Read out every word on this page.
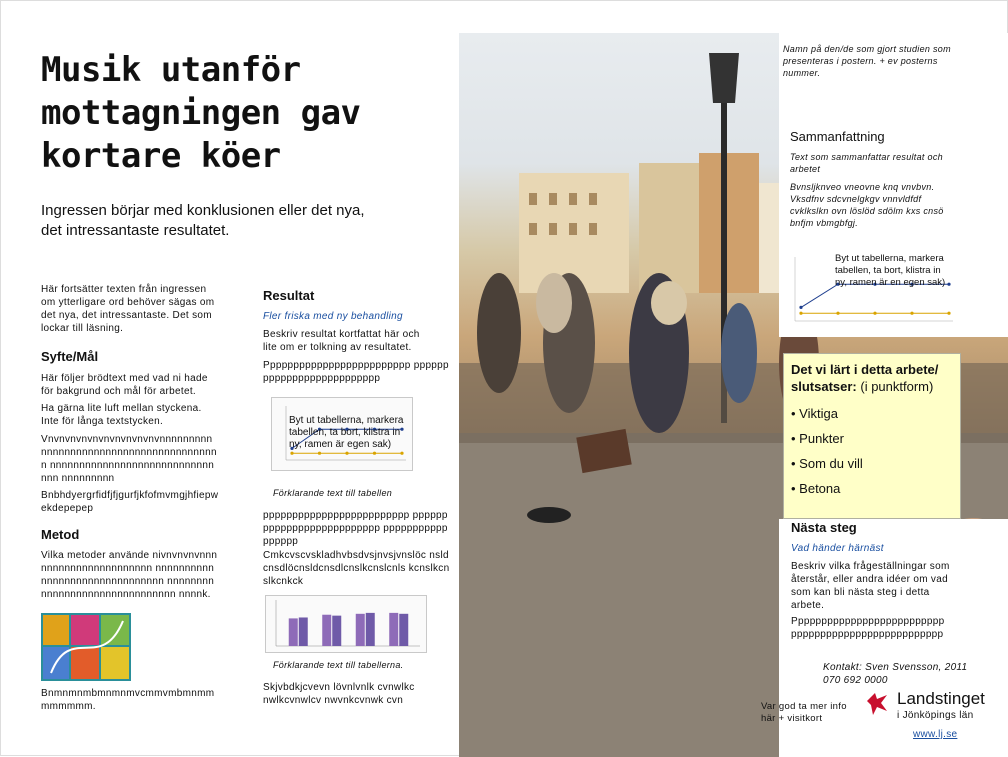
Musik utanför mottagningen gav kortare köer
Ingressen börjar med konklusionen eller det nya, det intressantaste resultatet.
Här fortsätter texten från ingressen om ytterligare ord behöver sägas om det nya, det intressantaste. Det som lockar till läsning.
Syfte/Mål
Här följer brödtext med vad ni hade för bakgrund och mål för arbetet.
Ha gärna lite luft mellan styckena. Inte för långa textstycken.
Vnvnvnvnvnvnvnvnvnvnvnnnnnnnnn nnnnnnnnnnnnnnnnnnnnnnnnnnnnnnn nnnnnnnnnnnnnnnnnnnnnnnnnnnnnnn nnnnnnnnn
Bnbhdyergrfidfjfjgurfjkfofmvmgjhfiepw ekdepepep
Metod
Vilka metoder använde nivnvnvnvnnnnnnnnnnnnnnnnnnnnnn nnnnnnnnnnnnnnnnnnnnnnnnnnnnnnn nnnnnnnnnnnnnnnnnnnnnnnnnnnnnnn nnnnk.
Bnmnmnmbmnmnmvcmmvmbmnmm mmmmmm.
Resultat
Fler friska med ny behandling
Beskriv resultat kortfattat här och lite om er tolkning av resultatet.
Ppppppppppppppppppppppppp pppppppppppppppppppppppppp
Byt ut tabellerna, markera tabellen, ta bort, klistra in ny, ramen är egen sak)
Förklarande text till tabellen
ppppppppppppppppppppppppp pppppppppppppppppppppppppp ppppppppppppppppp
Cmkcvscvskladhvbsdvsjnvsjvnslöc nsldcnsdlöcnsldcnsdlcnslkcnslcnls kcnslkcnslkcnkck
Förklarande text till tabellerna.
Skjvbdkjcvevn lövnlvnlk cvnwlkc nwlkcvnwlcv nwvnkcvnwk cvn
Namn på den/de som gjort studien som presenteras i postern. + ev posterns nummer.
Sammanfattning
Text som sammanfattar resultat och arbetet
Bvnsljknveo vneovne knq vnvbvn. Vksdfnv sdcvnelgkgv vnnvldfdf cvklkslkn ovn löslöd sdölm kxs cnsö bnfjm vbmgbfgj.
Byt ut tabellerna, markera tabellen, ta bort, klistra in ny, ramen är en egen sak)
Det vi lärt i detta arbete/ slutsatser: (i punktform)
• Viktiga
• Punkter
• Som du vill
• Betona
Nästa steg
Vad händer härnäst
Beskriv vilka frågeställningar som återstår, eller andra idéer om vad som kan bli nästa steg i detta arbete.
Pppppppppppppppppppppppppp pppppppppppppppppppppppppp
Kontakt: Sven Svensson, 2011 070 692 0000
Var god ta mer info här + visitkort
Landstinget
i Jönköpings län
www.lj.se
